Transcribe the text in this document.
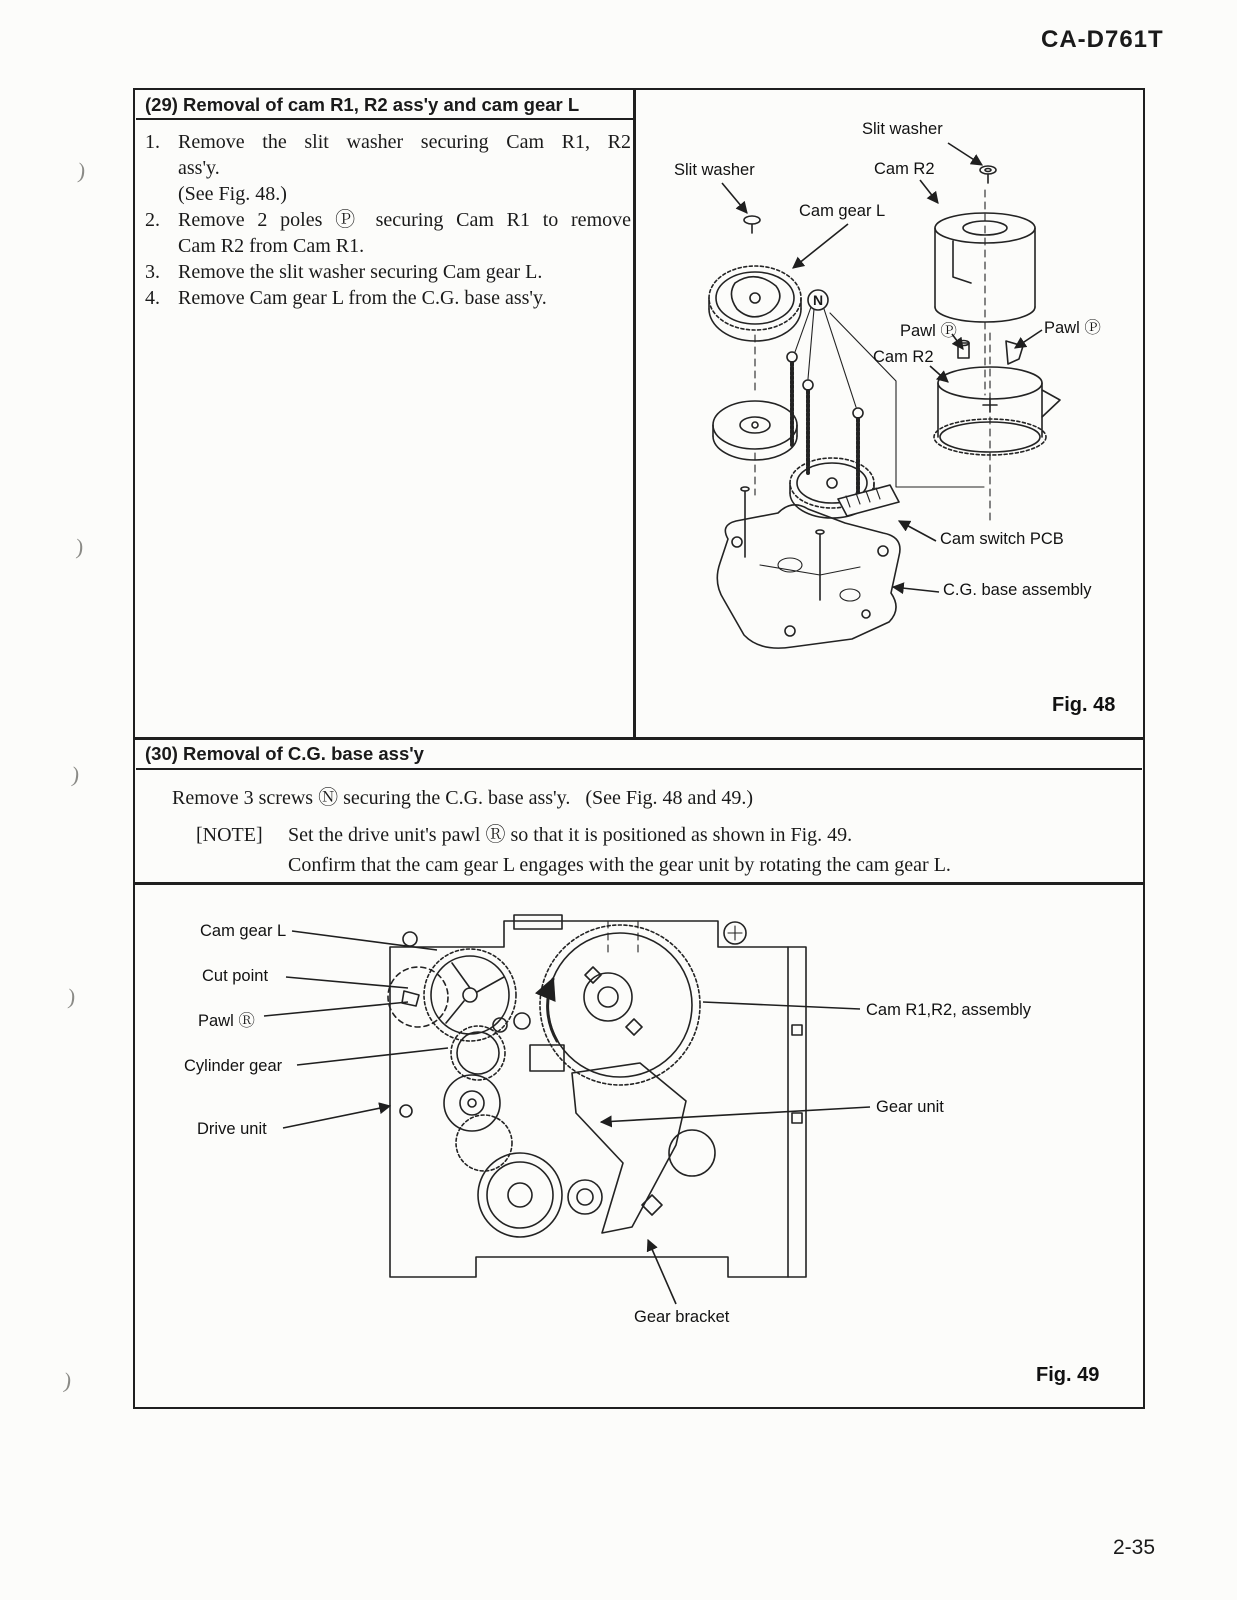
CA-D761T
)
)
)
)
)
(29) Removal of cam R1, R2 ass'y and cam gear L
1. Remove the slit washer securing Cam R1, R2
ass'y.
(See Fig. 48.)
2. Remove 2 poles Ⓟ securing Cam R1 to remove
Cam R2 from Cam R1.
3. Remove the slit washer securing Cam gear L.
4. Remove Cam gear L from the C.G. base ass'y.
Slit washer
Slit washer	Cam R2
Cam gear L
Pawl Ⓟ	Pawl Ⓟ
Cam R2
Cam switch PCB
C.G. base assembly
Fig. 48
N
(30) Removal of C.G. base ass'y
Remove 3 screws Ⓝ securing the C.G. base ass'y.   (See Fig. 48 and 49.)
[NOTE] Set the drive unit's pawl Ⓡ so that it is positioned as shown in Fig. 49.
Confirm that the cam gear L engages with the gear unit by rotating the cam gear L.
Cam gear L
Cut point
Pawl Ⓡ
Cylinder gear
Drive unit
Cam R1,R2, assembly
Gear unit
Gear bracket
Fig. 49
2-35
